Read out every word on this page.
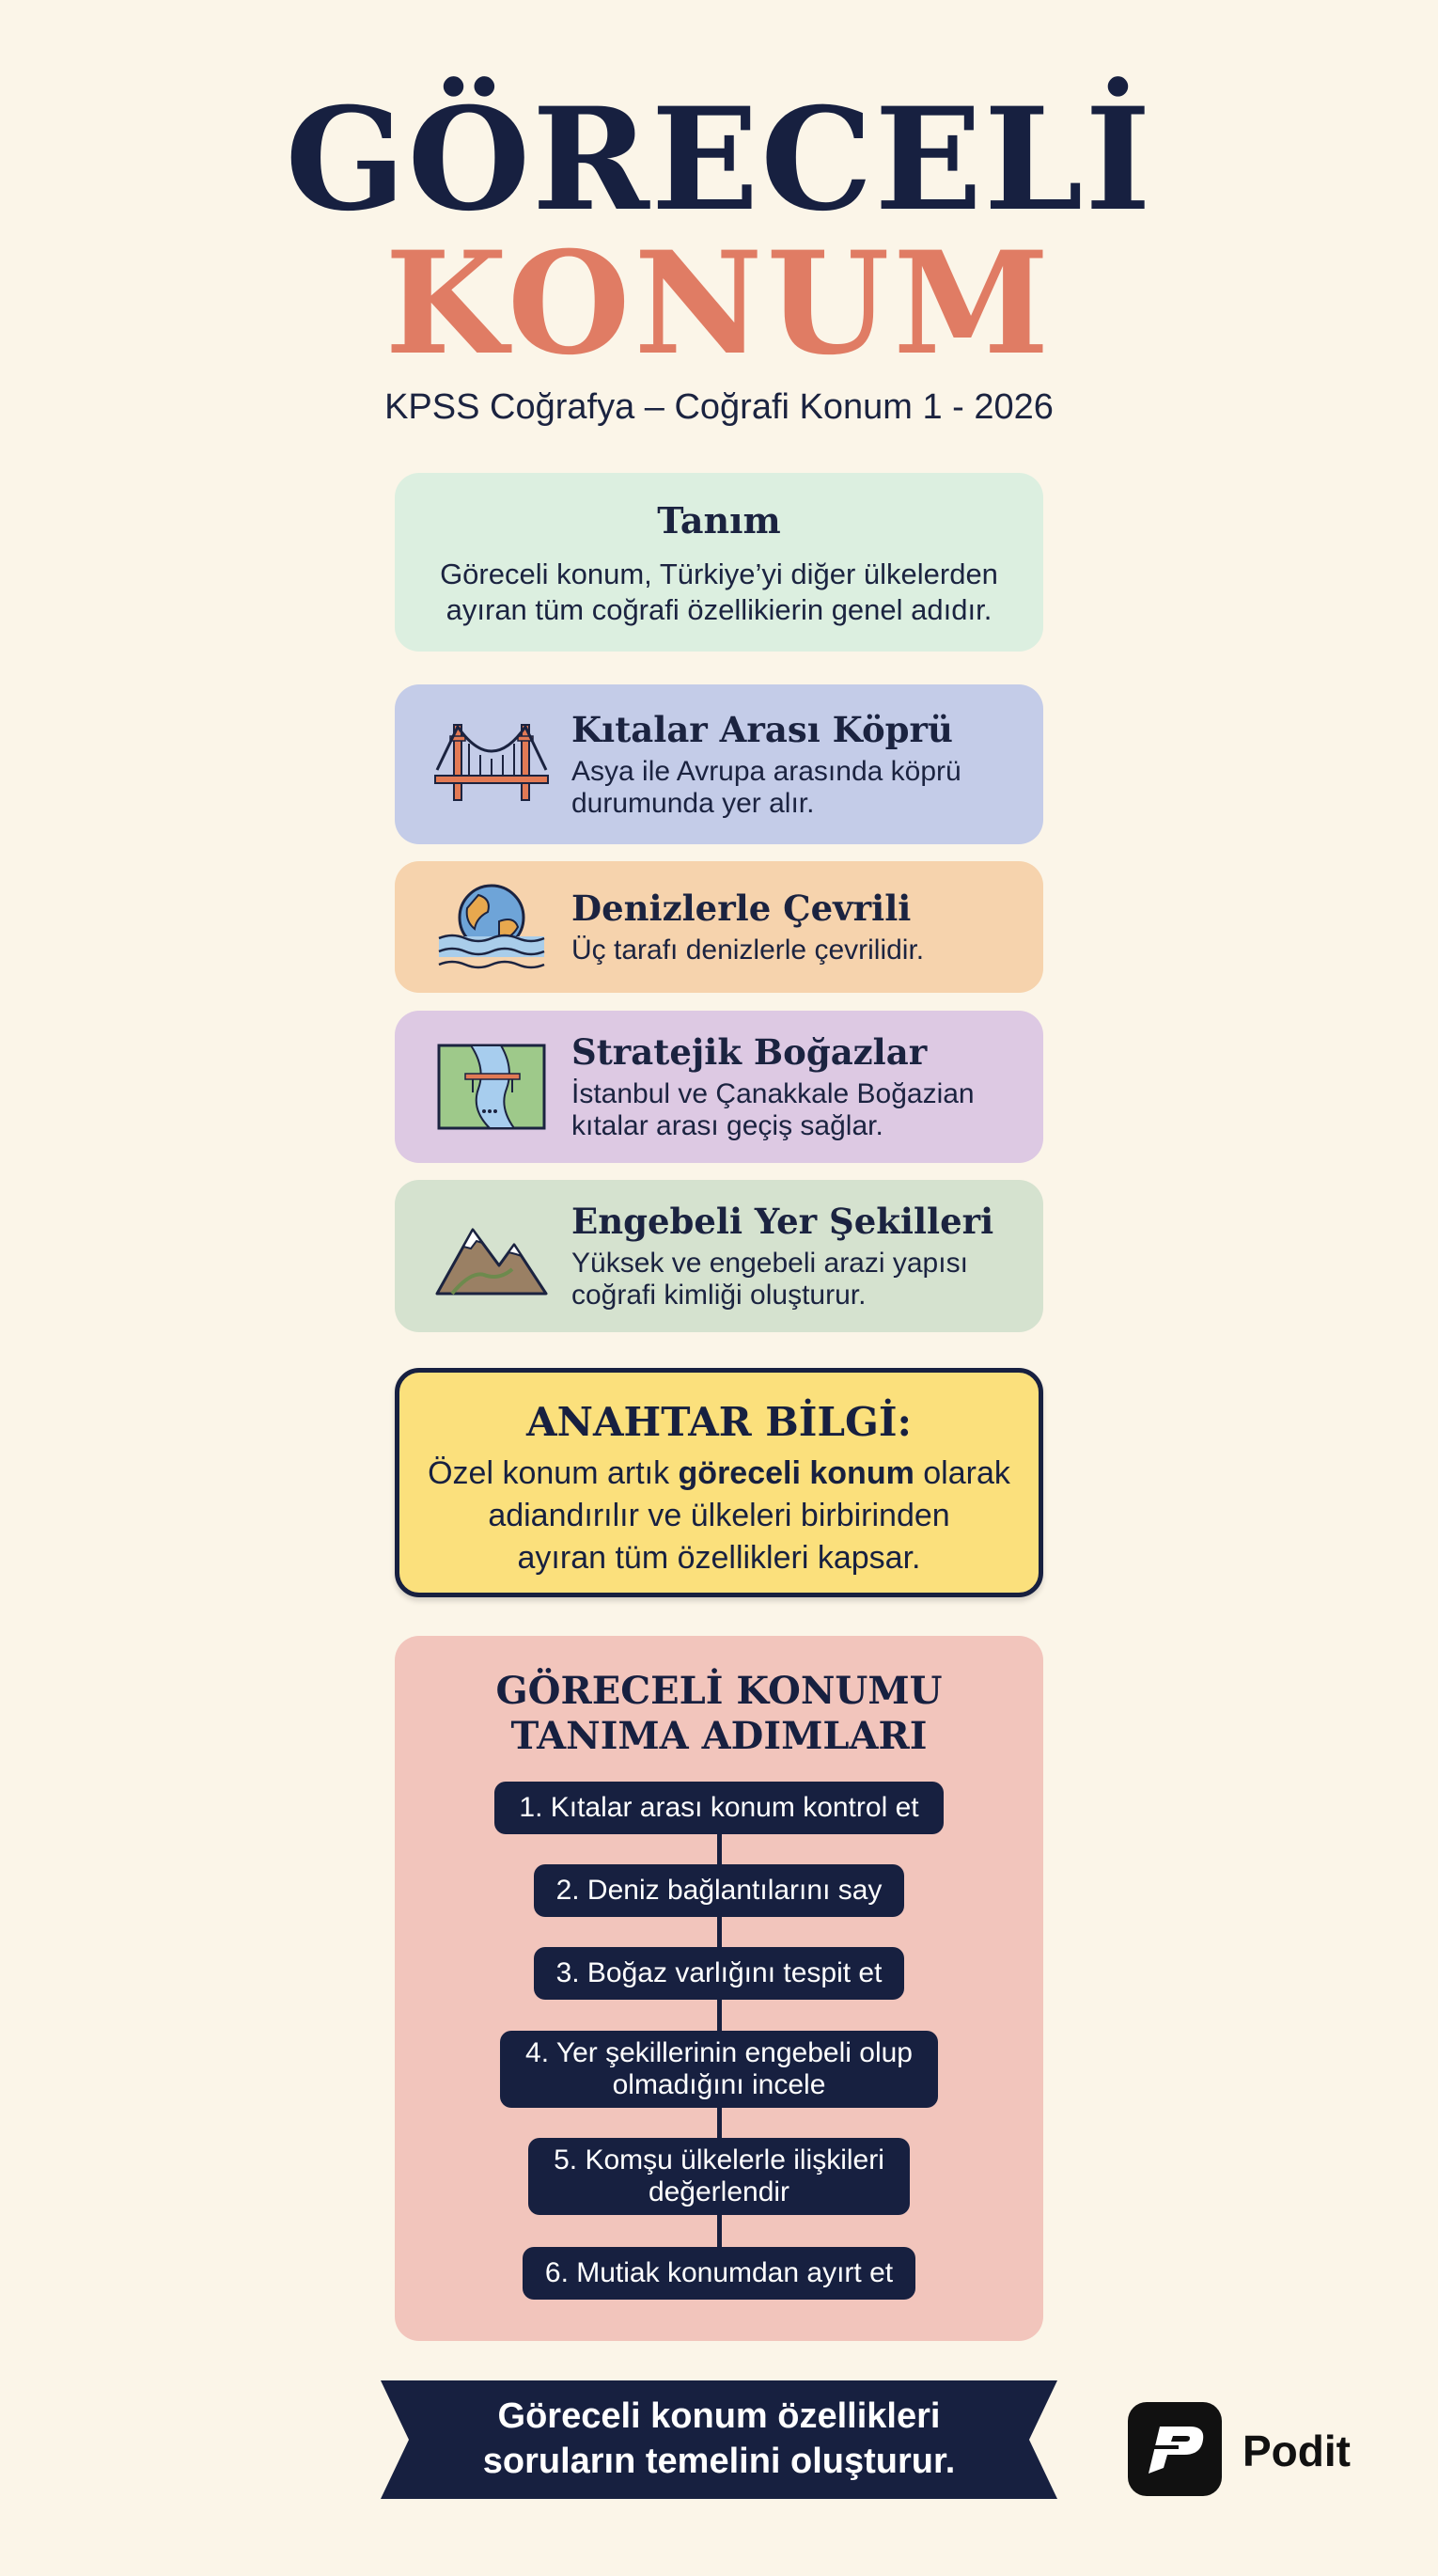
GÖRECELİ
KONUM
KPSS Coğrafya – Coğrafi Konum 1 - 2026
Tanım
Göreceli konum, Türkiye’yi diğer ülkelerden ayıran tüm coğrafi özellikierin genel adıdır.
Kıtalar Arası Köprü
Asya ile Avrupa arasında köprü
durumunda yer alır.
Denizlerle Çevrili
Üç tarafı denizlerle çevrilidir.
Stratejik Boğazlar
İstanbul ve Çanakkale Boğazian
kıtalar arası geçiş sağlar.
Engebeli Yer Şekilleri
Yüksek ve engebeli arazi yapısı
coğrafi kimliği oluşturur.
ANAHTAR BİLGİ:
Özel konum artık göreceli konum olarak
adiandırılır ve ülkeleri birbirinden
ayıran tüm özellikleri kapsar.
GÖRECELİ KONUMU
TANIMA ADIMLARI
1. Kıtalar arası konum kontrol et
2. Deniz bağlantılarını say
3. Boğaz varlığını tespit et
4. Yer şekillerinin engebeli olup
olmadığını incele
5. Komşu ülkelerle ilişkileri
değerlendir
6. Mutiak konumdan ayırt et
Göreceli konum özellikleri
soruların temelini oluşturur.	Podit
